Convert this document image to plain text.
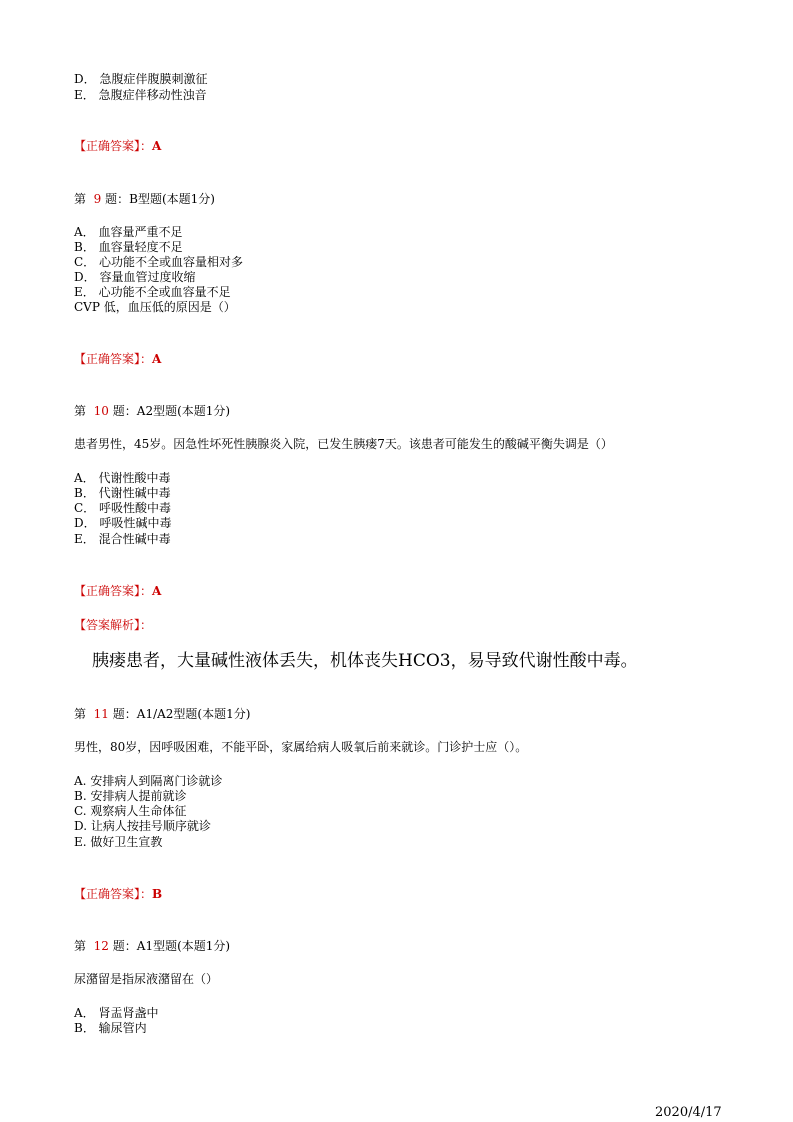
D． 急腹症伴腹膜刺激征
E． 急腹症伴移动性浊音
【正确答案】：A
第 9 题：B型题(本题1分)
A． 血容量严重不足
B． 血容量轻度不足
C． 心功能不全或血容量相对多
D． 容量血管过度收缩
E． 心功能不全或血容量不足
CVP 低，血压低的原因是（）
【正确答案】：A
第 10 题：A2型题(本题1分)
患者男性，45岁。因急性坏死性胰腺炎入院，已发生胰瘘7天。该患者可能发生的酸碱平衡失调是（）
A． 代谢性酸中毒
B． 代谢性碱中毒
C． 呼吸性酸中毒
D． 呼吸性碱中毒
E． 混合性碱中毒
【正确答案】：A
【答案解析】：
胰瘘患者，大量碱性液体丢失，机体丧失HCO3，易导致代谢性酸中毒。
第 11 题：A1/A2型题(本题1分)
男性，80岁，因呼吸困难，不能平卧，家属给病人吸氧后前来就诊。门诊护士应（）。
A. 安排病人到隔离门诊就诊
B. 安排病人提前就诊
C. 观察病人生命体征
D. 让病人按挂号顺序就诊
E. 做好卫生宣教
【正确答案】：B
第 12 题：A1型题(本题1分)
尿潴留是指尿液潴留在（）
A． 肾盂肾盏中
B． 输尿管内
2020/4/17
